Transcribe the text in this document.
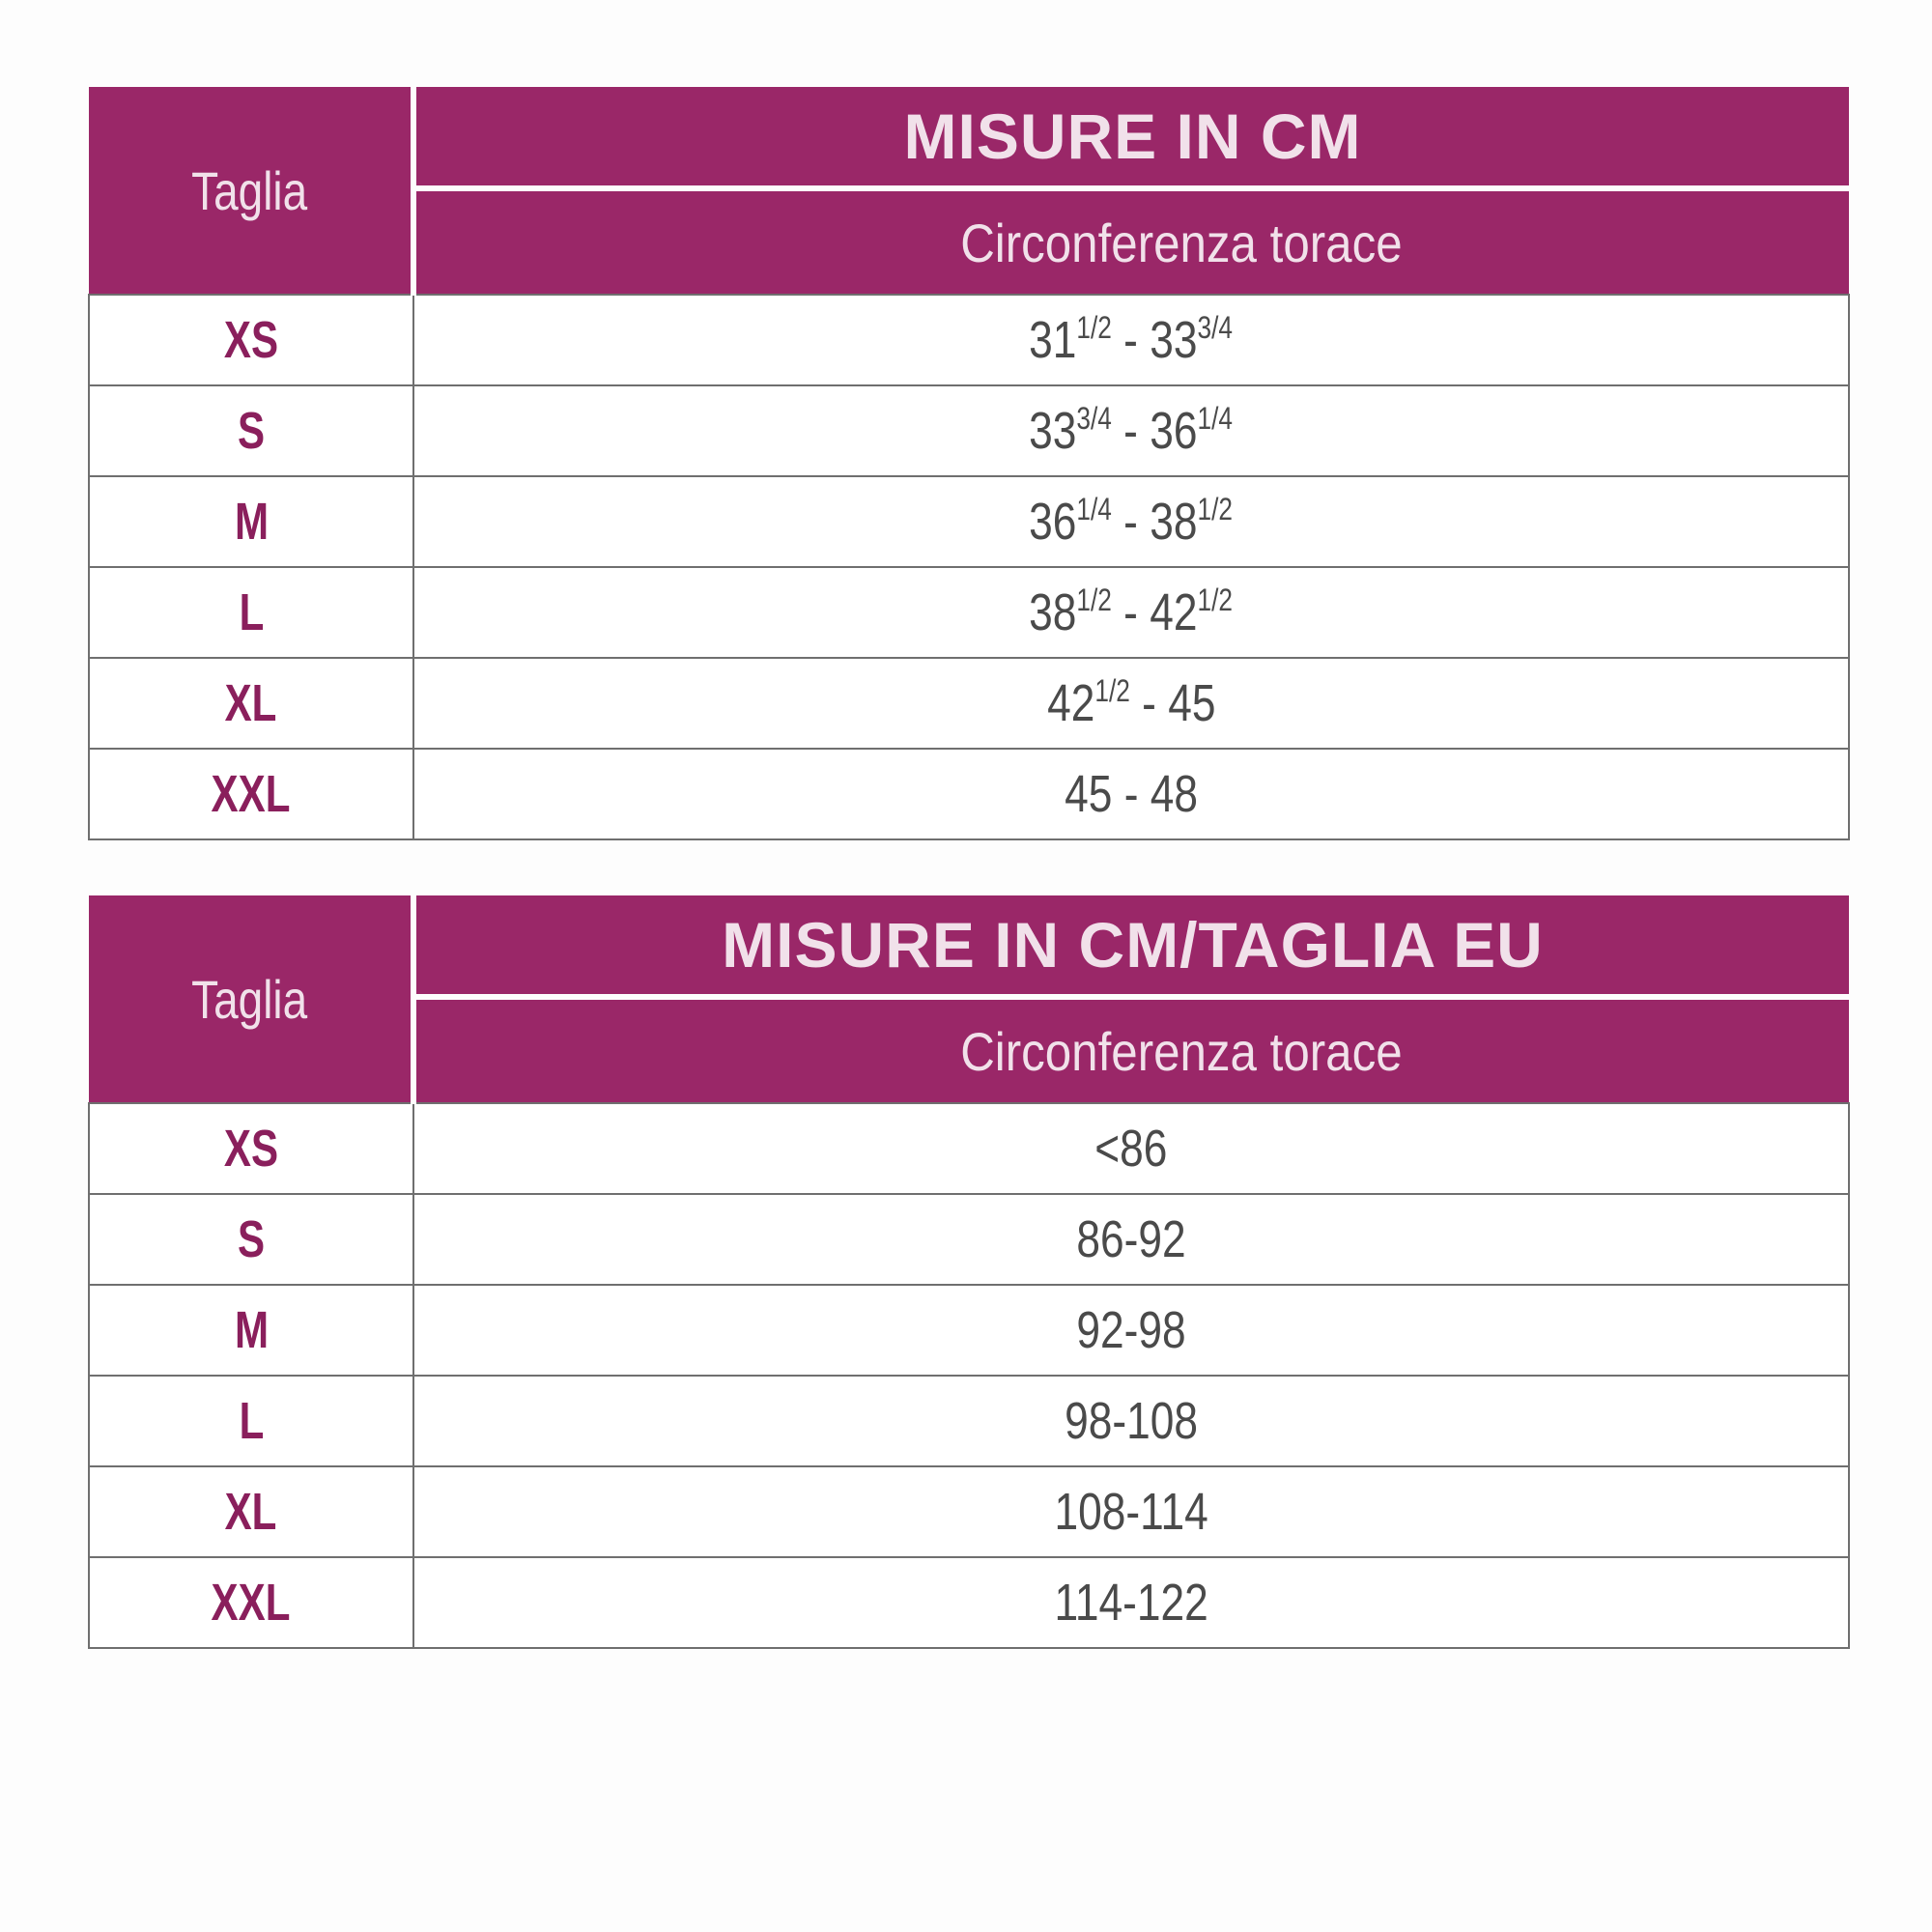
Taglia	MISURE IN CM
	Circonferenza torace
XS	$31^{1/2} - 33^{3/4}$
S	$33^{3/4} - 36^{1/4}$
M	$36^{1/4} - 38^{1/2}$
L	$38^{1/2} - 42^{1/2}$
XL	$42^{1/2} - 45$
XXL	45 - 48
Taglia	MISURE IN CM/TAGLIA EU
	Circonferenza torace
XS	<86
S	86-92
M	92-98
L	98-108
XL	108-114
XXL	114-122
